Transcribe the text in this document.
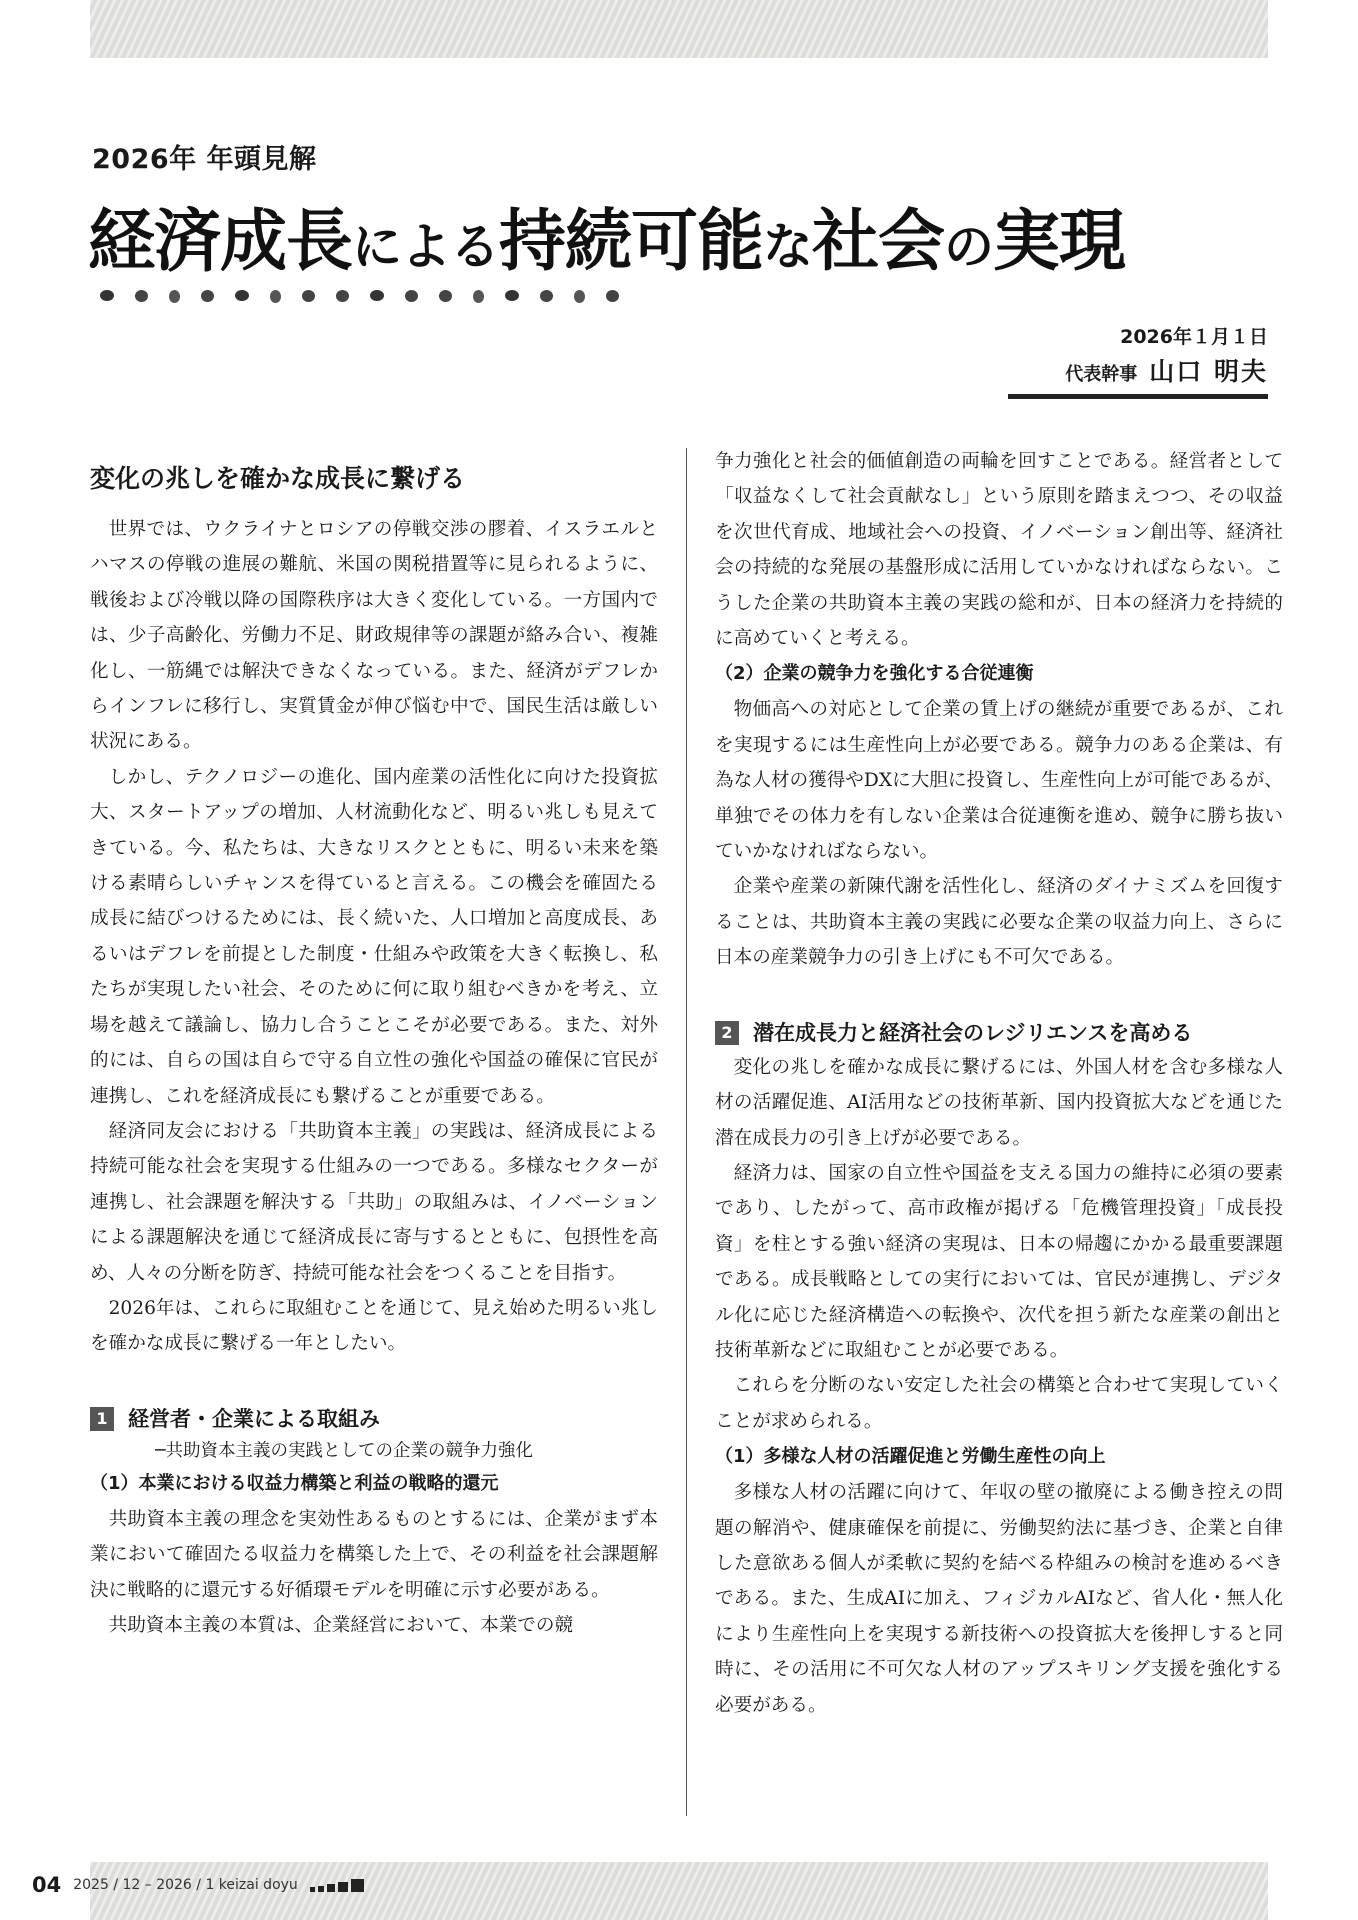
2026年 年頭見解
経済成長による持続可能な社会の実現
2026年１月１日
代表幹事 山口 明夫
変化の兆しを確かな成長に繋げる

世界では、ウクライナとロシアの停戦交渉の膠着、イスラエルとハマスの停戦の進展の難航、米国の関税措置等に見られるように、戦後および冷戦以降の国際秩序は大きく変化している。一方国内では、少子高齢化、労働力不足、財政規律等の課題が絡み合い、複雑化し、一筋縄では解決できなくなっている。また、経済がデフレからインフレに移行し、実質賃金が伸び悩む中で、国民生活は厳しい状況にある。

しかし、テクノロジーの進化、国内産業の活性化に向けた投資拡大、スタートアップの増加、人材流動化など、明るい兆しも見えてきている。今、私たちは、大きなリスクとともに、明るい未来を築ける素晴らしいチャンスを得ていると言える。この機会を確固たる成長に結びつけるためには、長く続いた、人口増加と高度成長、あるいはデフレを前提とした制度・仕組みや政策を大きく転換し、私たちが実現したい社会、そのために何に取り組むべきかを考え、立場を越えて議論し、協力し合うことこそが必要である。また、対外的には、自らの国は自らで守る自立性の強化や国益の確保に官民が連携し、これを経済成長にも繋げることが重要である。

経済同友会における「共助資本主義」の実践は、経済成長による持続可能な社会を実現する仕組みの一つである。多様なセクターが連携し、社会課題を解決する「共助」の取組みは、イノベーションによる課題解決を通じて経済成長に寄与するとともに、包摂性を高め、人々の分断を防ぎ、持続可能な社会をつくることを目指す。

2026年は、これらに取組むことを通じて、見え始めた明るい兆しを確かな成長に繋げる一年としたい。

1 経営者・企業による取組み
─共助資本主義の実践としての企業の競争力強化
（1）本業における収益力構築と利益の戦略的還元

共助資本主義の理念を実効性あるものとするには、企業がまず本業において確固たる収益力を構築した上で、その利益を社会課題解決に戦略的に還元する好循環モデルを明確に示す必要がある。

共助資本主義の本質は、企業経営において、本業での競

争力強化と社会的価値創造の両輪を回すことである。経営者として「収益なくして社会貢献なし」という原則を踏まえつつ、その収益を次世代育成、地域社会への投資、イノベーション創出等、経済社会の持続的な発展の基盤形成に活用していかなければならない。こうした企業の共助資本主義の実践の総和が、日本の経済力を持続的に高めていくと考える。

（2）企業の競争力を強化する合従連衡

物価高への対応として企業の賃上げの継続が重要であるが、これを実現するには生産性向上が必要である。競争力のある企業は、有為な人材の獲得やDXに大胆に投資し、生産性向上が可能であるが、単独でその体力を有しない企業は合従連衡を進め、競争に勝ち抜いていかなければならない。

企業や産業の新陳代謝を活性化し、経済のダイナミズムを回復することは、共助資本主義の実践に必要な企業の収益力向上、さらに日本の産業競争力の引き上げにも不可欠である。

2 潜在成長力と経済社会のレジリエンスを高める

変化の兆しを確かな成長に繋げるには、外国人材を含む多様な人材の活躍促進、AI活用などの技術革新、国内投資拡大などを通じた潜在成長力の引き上げが必要である。

経済力は、国家の自立性や国益を支える国力の維持に必須の要素であり、したがって、高市政権が掲げる「危機管理投資」「成長投資」を柱とする強い経済の実現は、日本の帰趨にかかる最重要課題である。成長戦略としての実行においては、官民が連携し、デジタル化に応じた経済構造への転換や、次代を担う新たな産業の創出と技術革新などに取組むことが必要である。

これらを分断のない安定した社会の構築と合わせて実現していくことが求められる。

（1）多様な人材の活躍促進と労働生産性の向上

多様な人材の活躍に向けて、年収の壁の撤廃による働き控えの問題の解消や、健康確保を前提に、労働契約法に基づき、企業と自律した意欲ある個人が柔軟に契約を結べる枠組みの検討を進めるべきである。また、生成AIに加え、フィジカルAIなど、省人化・無人化により生産性向上を実現する新技術への投資拡大を後押しすると同時に、その活用に不可欠な人材のアップスキリング支援を強化する必要がある。

04 2025 / 12 – 2026 / 1 keizai doyu
